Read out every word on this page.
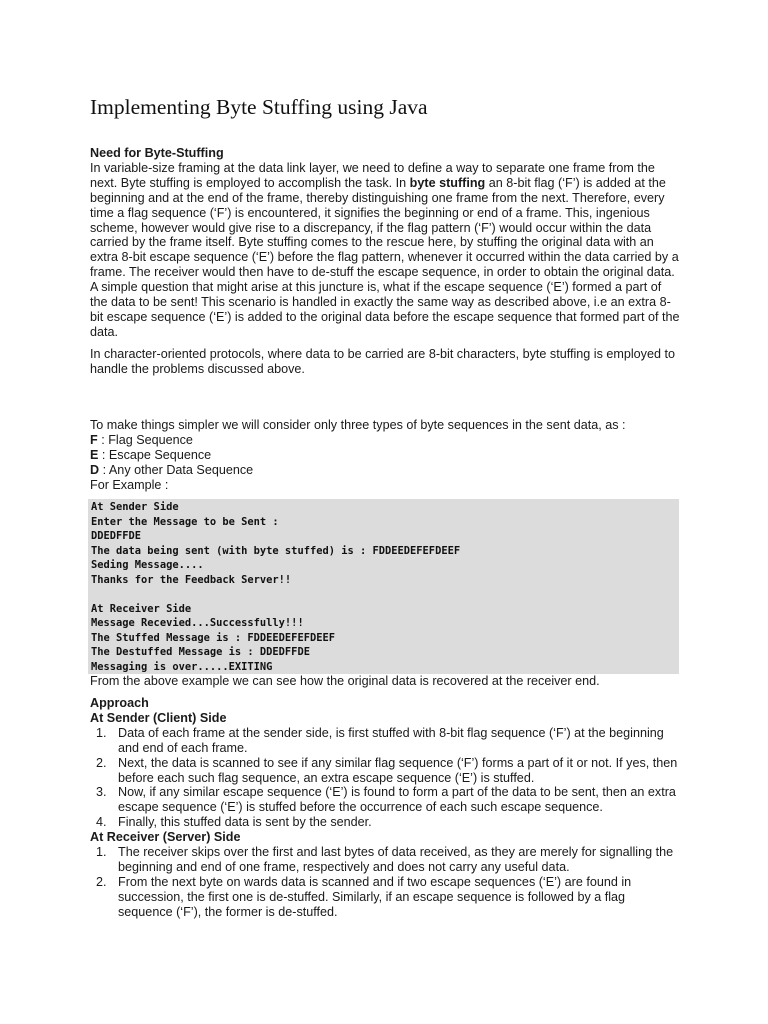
Implementing Byte Stuffing using Java
Need for Byte-Stuffing
In variable-size framing at the data link layer, we need to define a way to separate one frame from the
next. Byte stuffing is employed to accomplish the task. In byte stuffing an 8-bit flag (‘F’) is added at the
beginning and at the end of the frame, thereby distinguishing one frame from the next. Therefore, every
time a flag sequence (‘F’) is encountered, it signifies the beginning or end of a frame. This, ingenious
scheme, however would give rise to a discrepancy, if the flag pattern (‘F’) would occur within the data
carried by the frame itself. Byte stuffing comes to the rescue here, by stuffing the original data with an
extra 8-bit escape sequence (‘E’) before the flag pattern, whenever it occurred within the data carried by a
frame. The receiver would then have to de-stuff the escape sequence, in order to obtain the original data.
A simple question that might arise at this juncture is, what if the escape sequence (‘E’) formed a part of
the data to be sent! This scenario is handled in exactly the same way as described above, i.e an extra 8-
bit escape sequence (‘E’) is added to the original data before the escape sequence that formed part of the
data.
In character-oriented protocols, where data to be carried are 8-bit characters, byte stuffing is employed to
handle the problems discussed above.
To make things simpler we will consider only three types of byte sequences in the sent data, as :
F : Flag Sequence
E : Escape Sequence
D : Any other Data Sequence
For Example :
At Sender Side
Enter the Message to be Sent :
DDEDFFDE
The data being sent (with byte stuffed) is : FDDEEDEFEFDEEF
Seding Message....
Thanks for the Feedback Server!!
At Receiver Side
Message Recevied...Successfully!!!
The Stuffed Message is : FDDEEDEFEFDEEF
The Destuffed Message is : DDEDFFDE
Messaging is over.....EXITING
From the above example we can see how the original data is recovered at the receiver end.
Approach
At Sender (Client) Side
1. Data of each frame at the sender side, is first stuffed with 8-bit flag sequence (‘F’) at the beginning
and end of each frame.
2. Next, the data is scanned to see if any similar flag sequence (‘F’) forms a part of it or not. If yes, then
before each such flag sequence, an extra escape sequence (‘E’) is stuffed.
3. Now, if any similar escape sequence (‘E’) is found to form a part of the data to be sent, then an extra
escape sequence (‘E’) is stuffed before the occurrence of each such escape sequence.
4. Finally, this stuffed data is sent by the sender.
At Receiver (Server) Side
1. The receiver skips over the first and last bytes of data received, as they are merely for signalling the
beginning and end of one frame, respectively and does not carry any useful data.
2. From the next byte on wards data is scanned and if two escape sequences (‘E’) are found in
succession, the first one is de-stuffed. Similarly, if an escape sequence is followed by a flag
sequence (‘F’), the former is de-stuffed.
